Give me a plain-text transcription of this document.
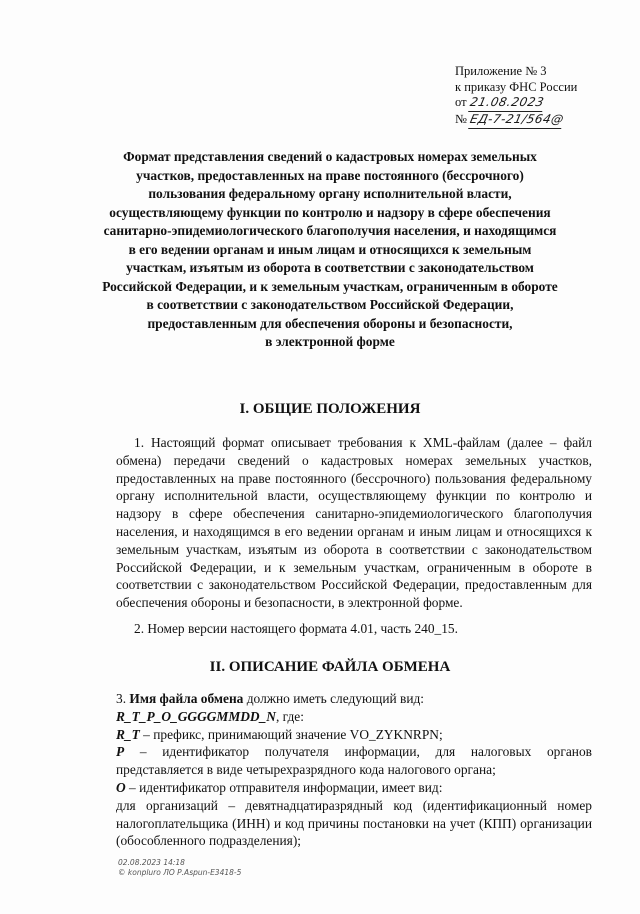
Приложение № 3
к приказу ФНС России
от 21.08.2023
№ ЕД-7-21/564@
Формат представления сведений о кадастровых номерах земельных
участков, предоставленных на праве постоянного (бессрочного)
пользования федеральному органу исполнительной власти,
осуществляющему функции по контролю и надзору в сфере обеспечения
санитарно-эпидемиологического благополучия населения, и находящимся
в его ведении органам и иным лицам и относящихся к земельным
участкам, изъятым из оборота в соответствии с законодательством
Российской Федерации, и к земельным участкам, ограниченным в обороте
в соответствии с законодательством Российской Федерации,
предоставленным для обеспечения обороны и безопасности,
в электронной форме
I. ОБЩИЕ ПОЛОЖЕНИЯ
1. Настоящий формат описывает требования к XML-файлам (далее – файл обмена) передачи сведений о кадастровых номерах земельных участков, предоставленных на праве постоянного (бессрочного) пользования федеральному органу исполнительной власти, осуществляющему функции по контролю и надзору в сфере обеспечения санитарно-эпидемиологического благополучия населения, и находящимся в его ведении органам и иным лицам и относящихся к земельным участкам, изъятым из оборота в соответствии с законодательством Российской Федерации, и к земельным участкам, ограниченным в обороте в соответствии с законодательством Российской Федерации, предоставленным для обеспечения обороны и безопасности, в электронной форме.
2. Номер версии настоящего формата 4.01, часть 240_15.
II. ОПИСАНИЕ ФАЙЛА ОБМЕНА
3. Имя файла обмена должно иметь следующий вид:
R_T_P_O_GGGGMMDD_N, где:
R_T – префикс, принимающий значение VO_ZYKNRPN;
P – идентификатор получателя информации, для налоговых органов представляется в виде четырехразрядного кода налогового органа;
O – идентификатор отправителя информации, имеет вид:
для организаций – девятнадцатиразрядный код (идентификационный номер налогоплательщика (ИНН) и код причины постановки на учет (КПП) организации (обособленного подразделения);
02.08.2023 14:18
© konpluro ЛО Р.Aspun-E3418-5
